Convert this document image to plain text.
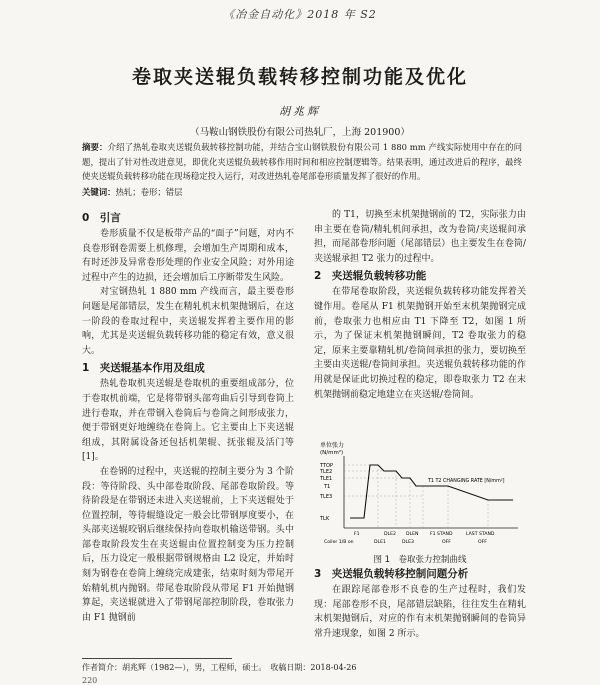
《冶金自动化》2018 年 S2
卷取夹送辊负载转移控制功能及优化
胡兆辉
（马鞍山钢铁股份有限公司热轧厂，上海 201900）
摘要：介绍了热轧卷取夹送辊负载转移控制功能，并结合宝山钢铁股份有限公司 1 880 mm 产线实际使用中存在的问题，提出了针对性改进意见，即优化夹送辊负载转移作用时间和相应控制逻辑等。结果表明，通过改进后的程序，最终使夹送辊负载转移功能在现场稳定投入运行，对改进热轧卷尾部卷形质量发挥了很好的作用。
关键词：热轧；卷形；错层
0　引言

卷形质量不仅是板带产品的“面子”问题，对内不良卷形钢卷需要上机修理，会增加生产周期和成本，有时还涉及异常卷形处理的作业安全风险；对外用途过程中产生的边损，还会增加后工序断带发生风险。

对宝钢热轧 1 880 mm 产线而言，最主要卷形问题是尾部错层，发生在精轧机末机架抛钢后，在这一阶段的卷取过程中，夹送辊发挥着主要作用的影响，尤其是夹送辊负载转移功能的稳定有效，意义很大。

1　夹送辊基本作用及组成

热轧卷取机夹送辊是卷取机的重要组成部分，位于卷取机前端，它是将带钢头部弯曲后引导到卷筒上进行卷取，并在带钢入卷筒后与卷筒之间形成张力，便于带钢更好地缠绕在卷筒上。它主要由上下夹送辊组成，其附属设备还包括机架辊、抚张辊及活门等[1]。

在卷钢的过程中，夹送辊的控制主要分为 3 个阶段：等待阶段、头中部卷取阶段、尾部卷取阶段。等待阶段是在带钢还未进入夹送辊前，上下夹送辊处于位置控制，等待辊缝设定一般会比带钢厚度要小，在头部夹送辊咬钢后继续保持向卷取机输送带钢。头中部卷取阶段发生在夹送辊由位置控制变为压力控制后，压力设定一般根据带钢规格由 L2 设定，并始时刻为钢卷在卷筒上缠绕完成建张，结束时刻为带尾开始精轧机内抛钢。带尾卷取阶段从带尾 F1 开始抛钢算起，夹送辊就进入了带钢尾部控制阶段，卷取张力由 F1 抛钢前

的 T1，切换至末机架抛钢前的 T2，实际张力由串主要在卷筒/精轧机间承担，改为卷筒/夹送辊间承担，而尾部卷形问题（尾部错层）也主要发生在卷筒/夹送辊承担 T2 张力的过程中。

2　夹送辊负载转移功能

在带尾卷取阶段，夹送辊负载转移功能发挥着关键作用。卷尾从 F1 机架抛钢开始至末机架抛钢完成前，卷取张力也相应由 T1 下降至 T2，如图 1 所示，为了保证末机架抛钢瞬间，T2 卷取张力的稳定，原来主要靠精轧机/卷筒间承担的张力，要切换至主要由夹送辊/卷筒间承担。夹送辊负载转移功能的作用就是保证此切换过程的稳定，即卷取张力 T2 在末机架抛钢前稳定地建立在夹送辊/卷筒间。

单位张力
(N/mm²)
TTOP
TLE2
TLE1
T1
TLE3
TLK
T1 T2 CHANGING RATE [N/mm²]
F1	DLE2 DLEN	F1 STAND	LAST STAND
Coiler 1/B on	DLE1	DLE3	OFF	OFF
图 1　卷取张力控制曲线
3　夹送辊负载转移控制问题分析

在跟踪尾部卷形不良卷的生产过程时，我们发现：尾部卷形不良，尾部错层缺陷，往往发生在精轧末机架抛钢后，对应的作有末机架抛钢瞬间的卷筒异常升速现象，如图 2 所示。

作者简介：胡兆辉（1982—），男，工程师，硕士。　收稿日期：2018-04-26
220
